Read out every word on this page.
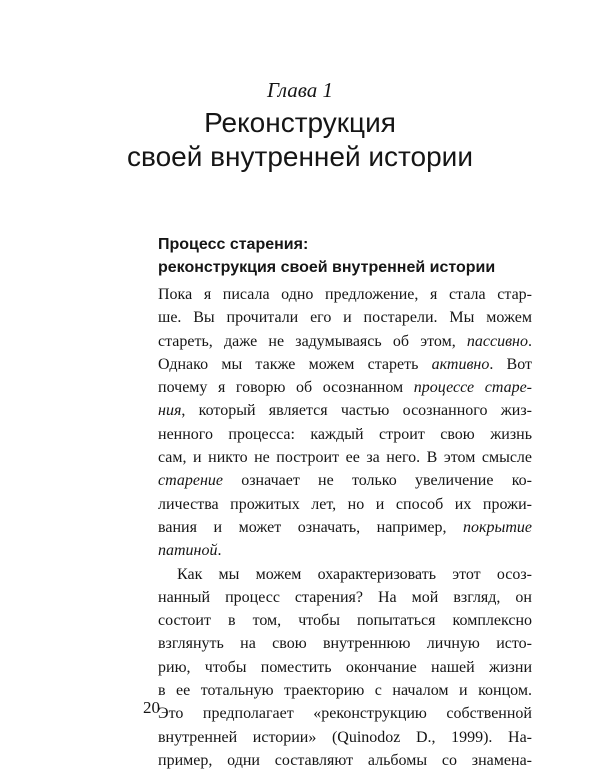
Глава 1
Реконструкция
своей внутренней истории
Процесс старения:
реконструкция своей внутренней истории
Пока я писала одно предложение, я стала стар-
ше. Вы прочитали его и постарели. Мы можем
стареть, даже не задумываясь об этом, пассивно.
Однако мы также можем стареть активно. Вот
почему я говорю об осознанном процессе старе-
ния, который является частью осознанного жиз-
ненного процесса: каждый строит свою жизнь
сам, и никто не построит ее за него. В этом смысле
старение означает не только увеличение ко-
личества прожитых лет, но и способ их прожи-
вания и может означать, например, покрытие
патиной.
Как мы можем охарактеризовать этот осоз-
нанный процесс старения? На мой взгляд, он
состоит в том, чтобы попытаться комплексно
взглянуть на свою внутреннюю личную исто-
рию, чтобы поместить окончание нашей жизни
в ее тотальную траекторию с началом и концом.
Это предполагает «реконструкцию собственной
внутренней истории» (Quinodoz D., 1999). На-
пример, одни составляют альбомы со знамена-
20
